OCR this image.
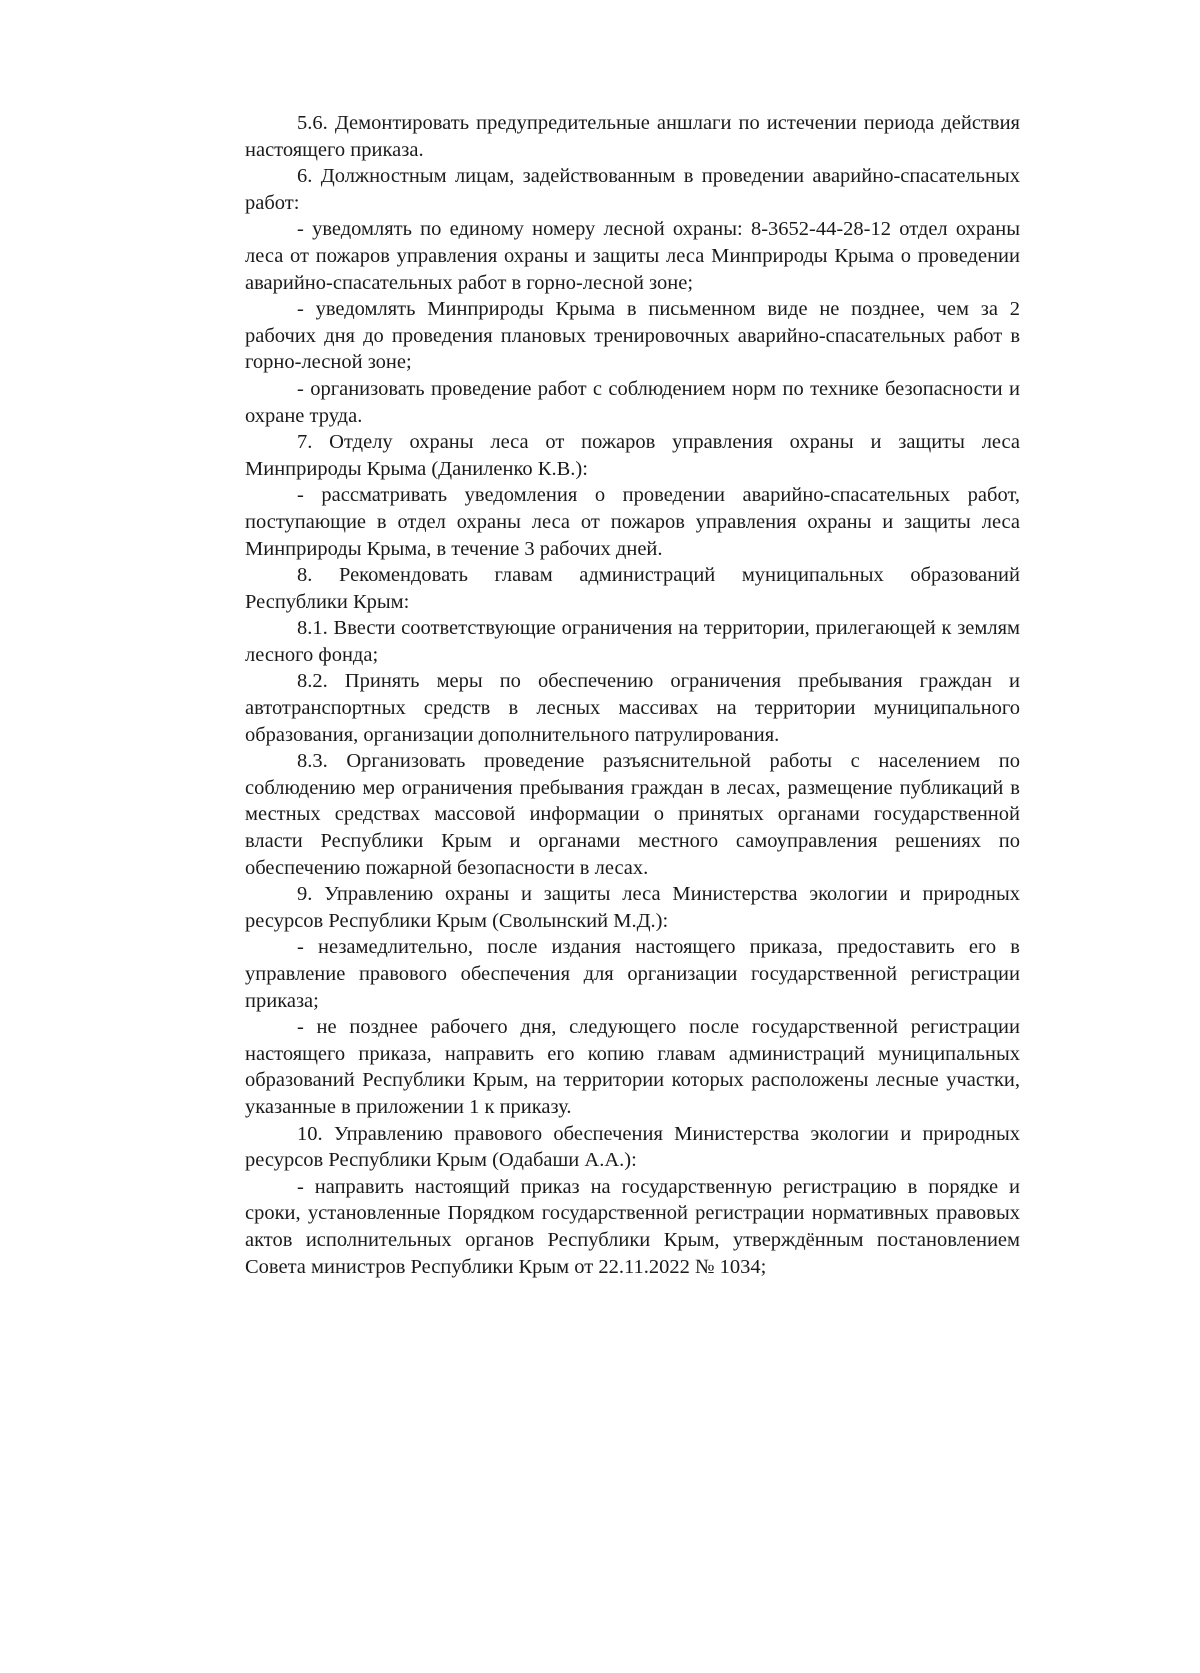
5.6. Демонтировать предупредительные аншлаги по истечении периода действия настоящего приказа.

6. Должностным лицам, задействованным в проведении аварийно-спасательных работ:

- уведомлять по единому номеру лесной охраны: 8-3652-44-28-12 отдел охраны леса от пожаров управления охраны и защиты леса Минприроды Крыма о проведении аварийно-спасательных работ в горно-лесной зоне;

- уведомлять Минприроды Крыма в письменном виде не позднее, чем за 2 рабочих дня до проведения плановых тренировочных аварийно-спасательных работ в горно-лесной зоне;

- организовать проведение работ с соблюдением норм по технике безопасности и охране труда.

7. Отделу охраны леса от пожаров управления охраны и защиты леса Минприроды Крыма (Даниленко К.В.):

- рассматривать уведомления о проведении аварийно-спасательных работ, поступающие в отдел охраны леса от пожаров управления охраны и защиты леса Минприроды Крыма, в течение 3 рабочих дней.

8. Рекомендовать главам администраций муниципальных образований Республики Крым:

8.1. Ввести соответствующие ограничения на территории, прилегающей к землям лесного фонда;

8.2. Принять меры по обеспечению ограничения пребывания граждан и автотранспортных средств в лесных массивах на территории муниципального образования, организации дополнительного патрулирования.

8.3. Организовать проведение разъяснительной работы с населением по соблюдению мер ограничения пребывания граждан в лесах, размещение публикаций в местных средствах массовой информации о принятых органами государственной власти Республики Крым и органами местного самоуправления решениях по обеспечению пожарной безопасности в лесах.

9. Управлению охраны и защиты леса Министерства экологии и природных ресурсов Республики Крым (Сволынский М.Д.):

- незамедлительно, после издания настоящего приказа, предоставить его в управление правового обеспечения для организации государственной регистрации приказа;

- не позднее рабочего дня, следующего после государственной регистрации настоящего приказа, направить его копию главам администраций муниципальных образований Республики Крым, на территории которых расположены лесные участки, указанные в приложении 1 к приказу.

10. Управлению правового обеспечения Министерства экологии и природных ресурсов Республики Крым (Одабаши А.А.):

- направить настоящий приказ на государственную регистрацию в порядке и сроки, установленные Порядком государственной регистрации нормативных правовых актов исполнительных органов Республики Крым, утверждённым постановлением Совета министров Республики Крым от 22.11.2022 № 1034;
